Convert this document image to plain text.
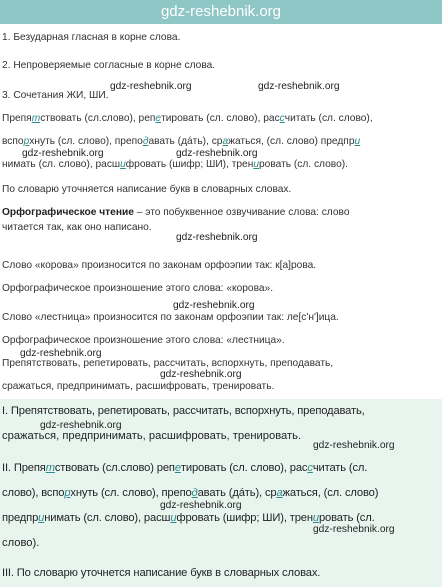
gdz-reshebnik.org
1. Безударная гласная в корне слова.
2. Непроверяемые согласные в корне слова.
gdz-reshebnik.org	gdz-reshebnik.org
3. Сочетания ЖИ, ШИ.
Препятствовать (сл.слово), репетировать (сл. слово), рассчитать (сл. слово),
вспорхнуть (сл. слово), преподавать (дáть), сражаться, (сл. слово) предпри
gdz-reshebnik.org	gdz-reshebnik.org
нимать (сл. слово), расшифровать (шифр; ШИ), тренировать (сл. слово).
По словарю уточняется написание букв в словарных словах.
Орфографическое чтение – это побуквенное озвучивание слова: слово
читается так, как оно написано.
gdz-reshebnik.org
Слово «корова» произносится по законам орфоэпии так: к[а]рова.
Орфографическое произношение этого слова: «корова».
gdz-reshebnik.org
Слово «лестница» произносится по законам орфоэпии так: ле[с'н']ица.
Орфографическое произношение этого слова: «лестница».
gdz-reshebnik.org
Препятствовать, репетировать, рассчитать, вспорхнуть, преподавать,
gdz-reshebnik.org
сражаться, предпринимать, расшифровать, тренировать.
I. Препятствовать, репетировать, рассчитать, вспорхнуть, преподавать,
gdz-reshebnik.org
сражаться, предпринимать, расшифровать, тренировать.
gdz-reshebnik.org
II. Препятствовать (сл.слово) репетировать (сл. слово), рассчитать (сл.
слово), вспорхнуть (сл. слово), преподавать (дáть), сражаться, (сл. слово)
gdz-reshebnik.org
предпринимать (сл. слово), расшифровать (шифр; ШИ), тренировать (сл.
gdz-reshebnik.org
слово).
III. По словарю уточнется написание букв в словарных словах.
